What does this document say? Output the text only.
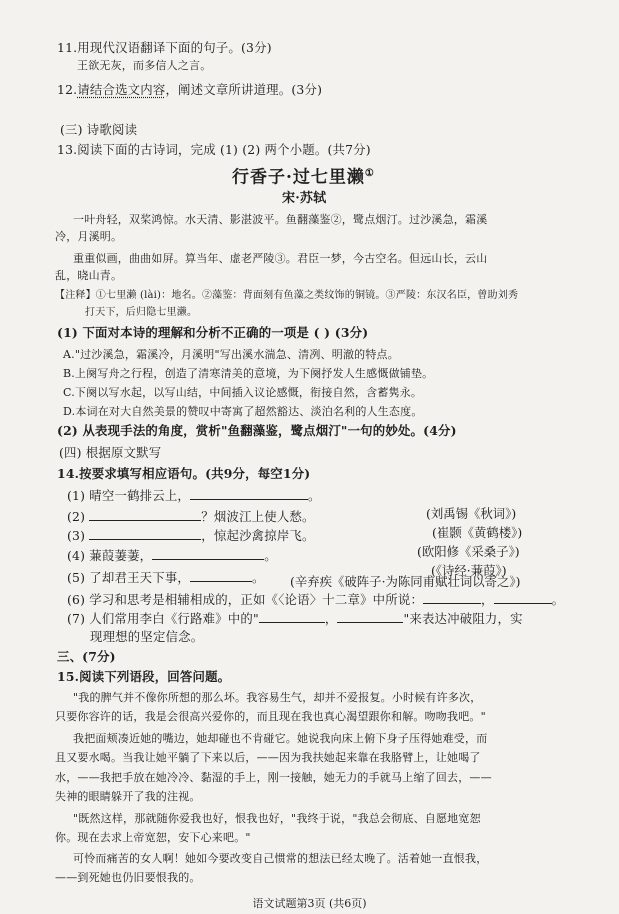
11.用现代汉语翻译下面的句子。(3分)
王欲无灰，而多信人之言。
12.请结合选文内容，阐述文章所讲道理。(3分)
(三) 诗歌阅读
13.阅读下面的古诗词，完成 (1) (2) 两个小题。(共7分)
行香子·过七里濑①
宋·苏轼
一叶舟轻，双桨鸿惊。水天清、影湛波平。鱼翻藻鉴②，鹭点烟汀。过沙溪急，霜溪
冷，月溪明。
重重似画，曲曲如屏。算当年、虚老严陵③。君臣一梦，今古空名。但远山长，云山
乱，晓山青。
【注释】①七里濑 (lài)：地名。②藻鉴：背面刻有鱼藻之类纹饰的铜镜。③严陵：东汉名臣，曾助刘秀
打天下，后归隐七里濑。
(1) 下面对本诗的理解和分析不正确的一项是 ( ) (3分)
A."过沙溪急，霜溪冷，月溪明"写出溪水湍急、清冽、明澈的特点。
B.上阕写舟之行程，创造了清寒清美的意境，为下阕抒发人生感慨做铺垫。
C.下阕以写水起，以写山结，中间插入议论感慨，衔接自然，含蓄隽永。
D.本词在对大自然美景的赞叹中寄寓了超然豁达、淡泊名利的人生态度。
(2) 从表现手法的角度，赏析"鱼翻藻鉴，鹭点烟汀"一句的妙处。(4分)
(四) 根据原文默写
14.按要求填写相应语句。(共9分，每空1分)
(1) 晴空一鹤排云上，	。
(刘禹锡《秋词》)
(2)	？烟波江上使人愁。
(崔颢《黄鹤楼》)
(3)	，惊起沙禽掠岸飞。
(欧阳修《采桑子》)
(4) 蒹葭萋萋，	。
(《诗经·蒹葭》)
(5) 了却君王天下事，	。 (辛弃疾《破阵子·为陈同甫赋壮词以寄之》)
(6) 学习和思考是相辅相成的，正如《〈论语〉十二章》中所说：	，	。
(7) 人们常用李白《行路难》中的"	，	"来表达冲破阻力，实
现理想的坚定信念。
三、(7分)
15.阅读下列语段，回答问题。
"我的脾气并不像你所想的那么坏。我容易生气，却并不爱报复。小时候有许多次，
只要你容许的话，我是会很高兴爱你的，而且现在我也真心渴望跟你和解。吻吻我吧。"
我把面颊凑近她的嘴边，她却碰也不肯碰它。她说我向床上俯下身子压得她难受，而
且又要水喝。当我让她平躺了下来以后，——因为我扶她起来靠在我胳臂上，让她喝了
水，——我把手放在她冷冷、黏湿的手上，刚一接触，她无力的手就马上缩了回去，——
失神的眼睛躲开了我的注视。
"既然这样，那就随你爱我也好，恨我也好，"我终于说，"我总会彻底、自愿地宽恕
你。现在去求上帝宽恕，安下心来吧。"
可怜而痛苦的女人啊！她如今要改变自己惯常的想法已经太晚了。活着她一直恨我，
——到死她也仍旧要恨我的。
语文试题第3页 (共6页)
